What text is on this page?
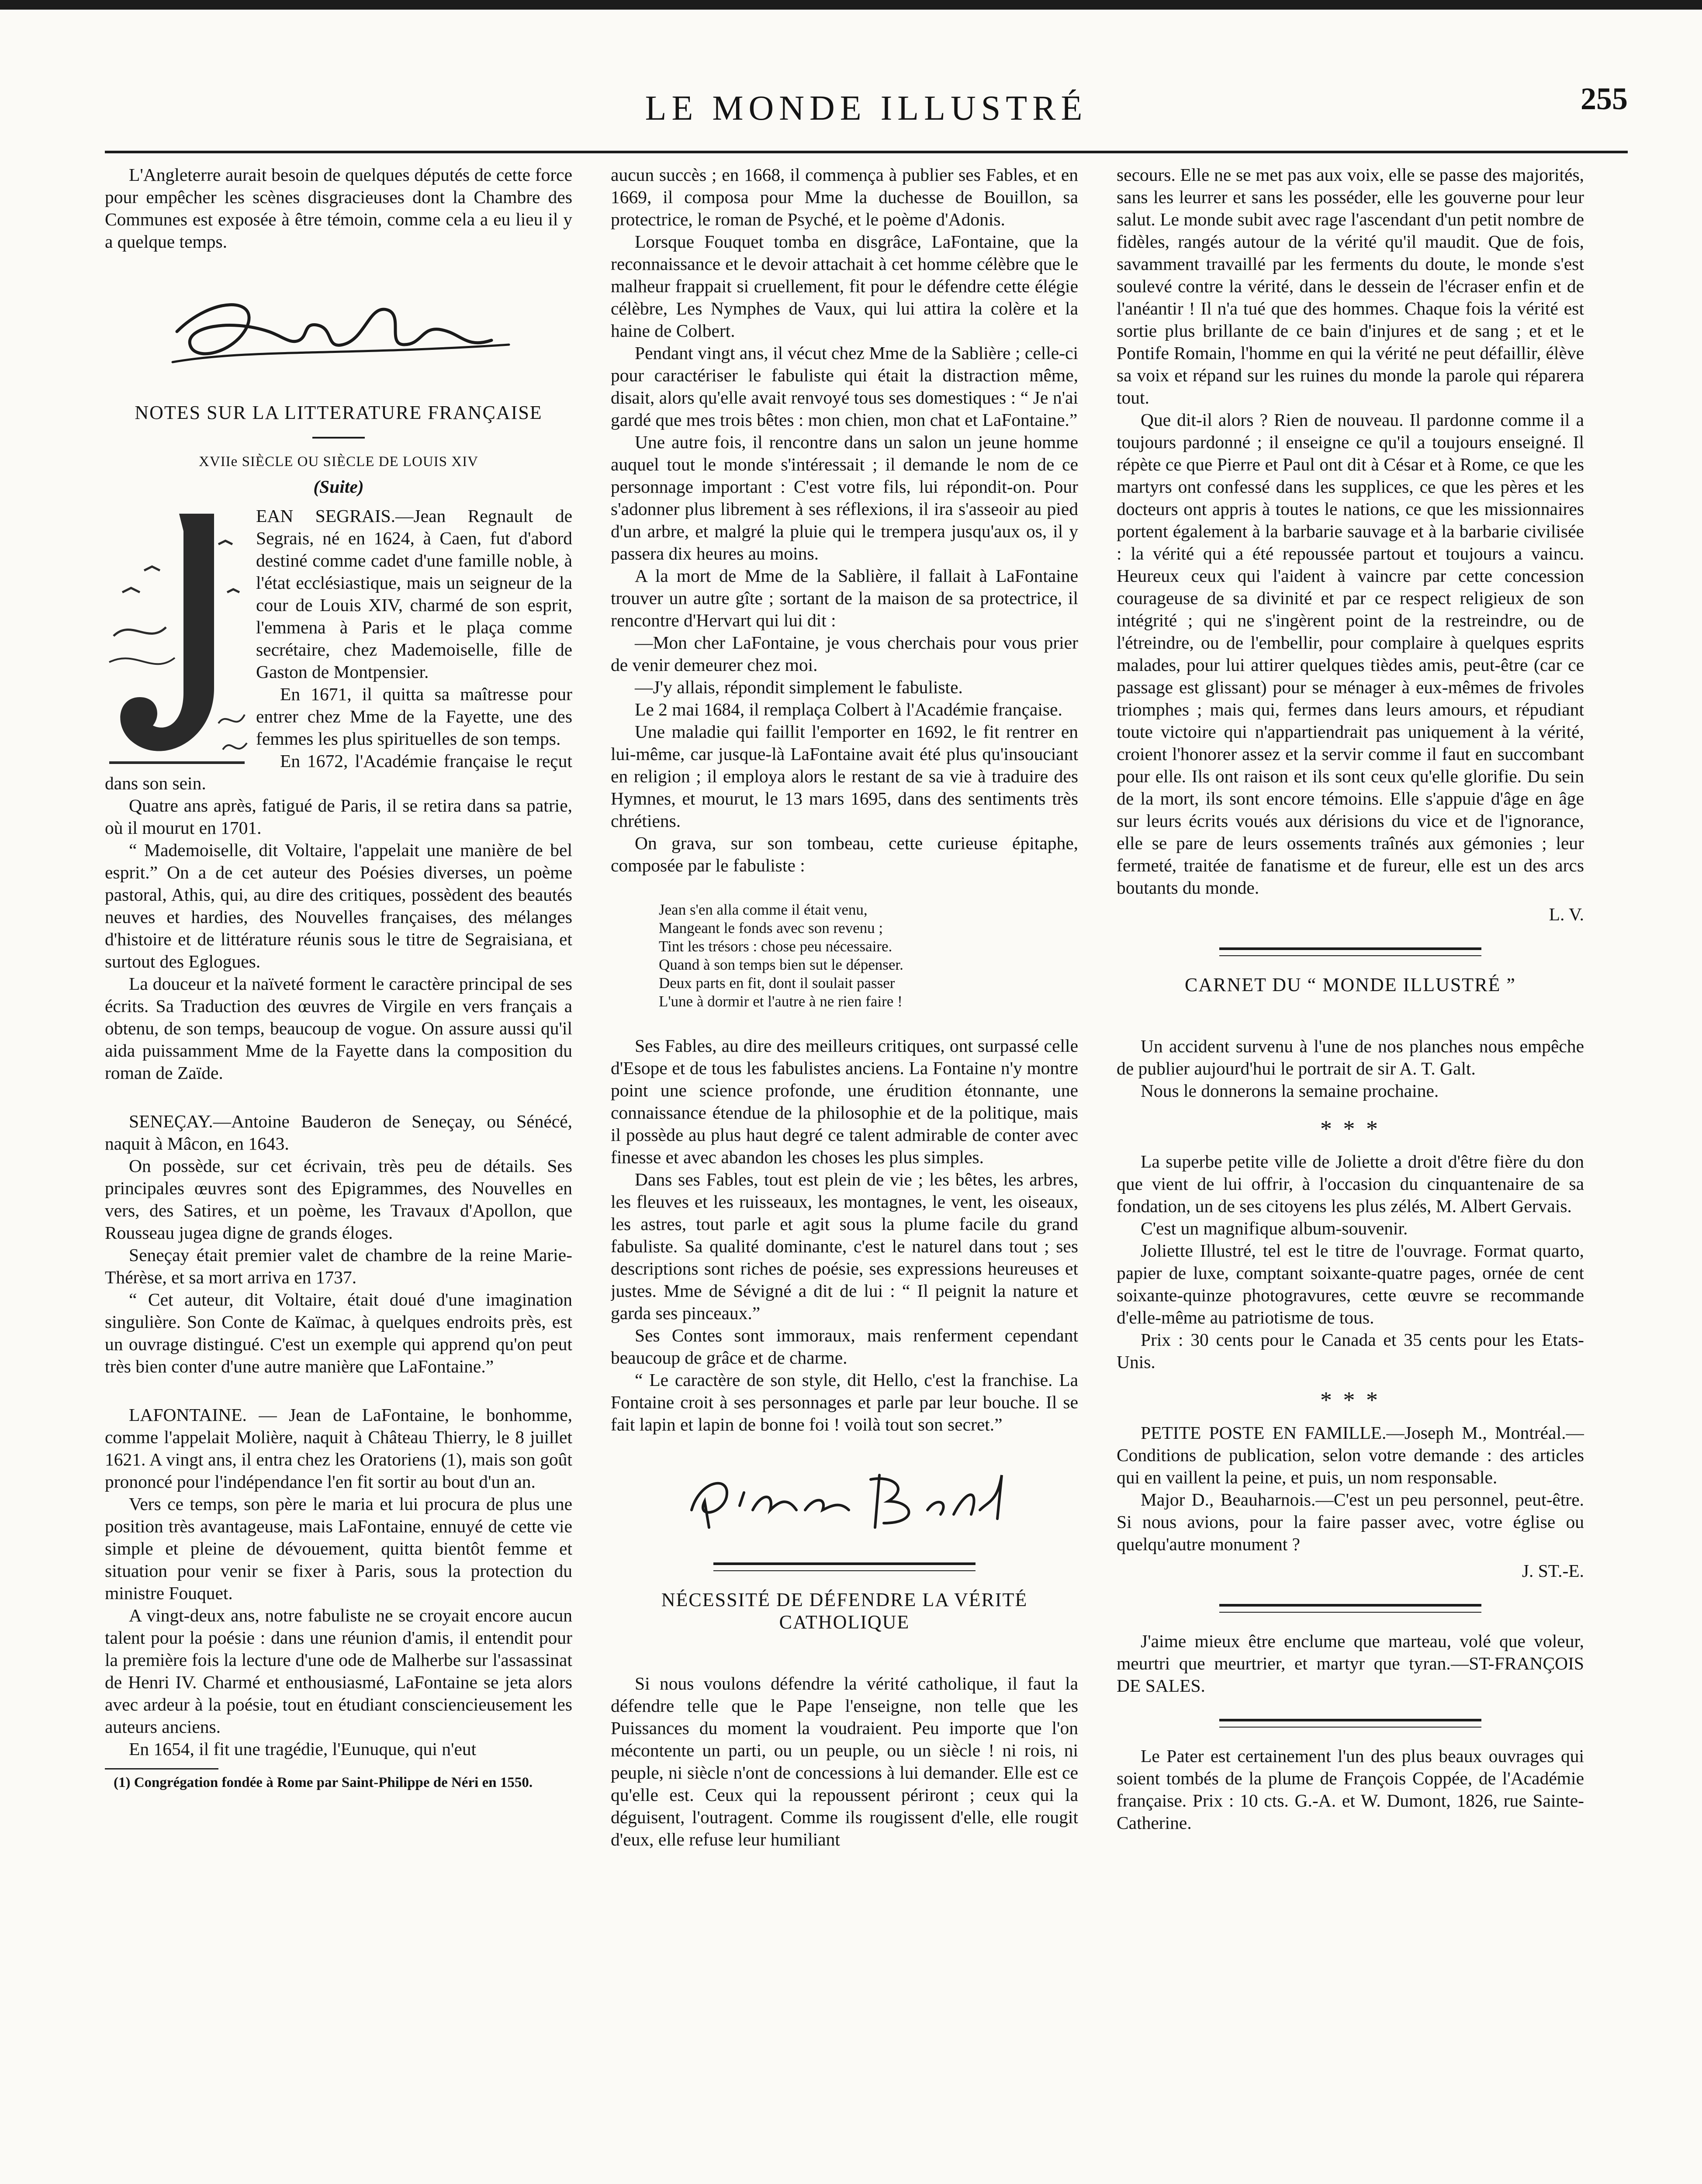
LE MONDE ILLUSTRÉ	255

L'Angleterre aurait besoin de quelques députés de cette force pour empêcher les scènes disgracieuses dont la Chambre des Communes est exposée à être témoin, comme cela a eu lieu il y a quelque temps.

NOTES SUR LA LITTERATURE FRANÇAISE
XVIIe SIÈCLE OU SIÈCLE DE LOUIS XIV
(Suite)

EAN SEGRAIS.—Jean Regnault de Segrais, né en 1624, à Caen, fut d'abord destiné comme cadet d'une famille noble, à l'état ecclésiastique, mais un seigneur de la cour de Louis XIV, charmé de son esprit, l'emmena à Paris et le plaça comme secrétaire, chez Mademoiselle, fille de Gaston de Montpensier.

En 1671, il quitta sa maîtresse pour entrer chez Mme de la Fayette, une des femmes les plus spirituelles de son temps.

En 1672, l'Académie française le reçut dans son sein.

Quatre ans après, fatigué de Paris, il se retira dans sa patrie, où il mourut en 1701.

“ Mademoiselle, dit Voltaire, l'appelait une manière de bel esprit.” On a de cet auteur des Poésies diverses, un poème pastoral, Athis, qui, au dire des critiques, possèdent des beautés neuves et hardies, des Nouvelles françaises, des mélanges d'histoire et de littérature réunis sous le titre de Segraisiana, et surtout des Eglogues.

La douceur et la naïveté forment le caractère principal de ses écrits. Sa Traduction des œuvres de Virgile en vers français a obtenu, de son temps, beaucoup de vogue. On assure aussi qu'il aida puissamment Mme de la Fayette dans la composition du roman de Zaïde.

SENEÇAY.—Antoine Bauderon de Seneçay, ou Sénécé, naquit à Mâcon, en 1643.

On possède, sur cet écrivain, très peu de détails. Ses principales œuvres sont des Epigrammes, des Nouvelles en vers, des Satires, et un poème, les Travaux d'Apollon, que Rousseau jugea digne de grands éloges.

Seneçay était premier valet de chambre de la reine Marie-Thérèse, et sa mort arriva en 1737.

“ Cet auteur, dit Voltaire, était doué d'une imagination singulière. Son Conte de Kaïmac, à quelques endroits près, est un ouvrage distingué. C'est un exemple qui apprend qu'on peut très bien conter d'une autre manière que LaFontaine.”

LAFONTAINE. — Jean de LaFontaine, le bonhomme, comme l'appelait Molière, naquit à Château Thierry, le 8 juillet 1621. A vingt ans, il entra chez les Oratoriens (1), mais son goût prononcé pour l'indépendance l'en fit sortir au bout d'un an.

Vers ce temps, son père le maria et lui procura de plus une position très avantageuse, mais LaFontaine, ennuyé de cette vie simple et pleine de dévouement, quitta bientôt femme et situation pour venir se fixer à Paris, sous la protection du ministre Fouquet.

A vingt-deux ans, notre fabuliste ne se croyait encore aucun talent pour la poésie : dans une réunion d'amis, il entendit pour la première fois la lecture d'une ode de Malherbe sur l'assassinat de Henri IV. Charmé et enthousiasmé, LaFontaine se jeta alors avec ardeur à la poésie, tout en étudiant consciencieusement les auteurs anciens.

En 1654, il fit une tragédie, l'Eunuque, qui n'eut

(1) Congrégation fondée à Rome par Saint-Philippe de Néri en 1550.

aucun succès ; en 1668, il commença à publier ses Fables, et en 1669, il composa pour Mme la duchesse de Bouillon, sa protectrice, le roman de Psyché, et le poème d'Adonis.

Lorsque Fouquet tomba en disgrâce, LaFontaine, que la reconnaissance et le devoir attachait à cet homme célèbre que le malheur frappait si cruellement, fit pour le défendre cette élégie célèbre, Les Nymphes de Vaux, qui lui attira la colère et la haine de Colbert.

Pendant vingt ans, il vécut chez Mme de la Sablière ; celle-ci pour caractériser le fabuliste qui était la distraction même, disait, alors qu'elle avait renvoyé tous ses domestiques : “ Je n'ai gardé que mes trois bêtes : mon chien, mon chat et LaFontaine.”

Une autre fois, il rencontre dans un salon un jeune homme auquel tout le monde s'intéressait ; il demande le nom de ce personnage important : C'est votre fils, lui répondit-on. Pour s'adonner plus librement à ses réflexions, il ira s'asseoir au pied d'un arbre, et malgré la pluie qui le trempera jusqu'aux os, il y passera dix heures au moins.

A la mort de Mme de la Sablière, il fallait à LaFontaine trouver un autre gîte ; sortant de la maison de sa protectrice, il rencontre d'Hervart qui lui dit :

—Mon cher LaFontaine, je vous cherchais pour vous prier de venir demeurer chez moi.

—J'y allais, répondit simplement le fabuliste.

Le 2 mai 1684, il remplaça Colbert à l'Académie française.

Une maladie qui faillit l'emporter en 1692, le fit rentrer en lui-même, car jusque-là LaFontaine avait été plus qu'insouciant en religion ; il employa alors le restant de sa vie à traduire des Hymnes, et mourut, le 13 mars 1695, dans des sentiments très chrétiens.

On grava, sur son tombeau, cette curieuse épitaphe, composée par le fabuliste :

Jean s'en alla comme il était venu,
Mangeant le fonds avec son revenu ;
Tint les trésors : chose peu nécessaire.
Quand à son temps bien sut le dépenser.
Deux parts en fit, dont il soulait passer
L'une à dormir et l'autre à ne rien faire !

Ses Fables, au dire des meilleurs critiques, ont surpassé celle d'Esope et de tous les fabulistes anciens. La Fontaine n'y montre point une science profonde, une érudition étonnante, une connaissance étendue de la philosophie et de la politique, mais il possède au plus haut degré ce talent admirable de conter avec finesse et avec abandon les choses les plus simples.

Dans ses Fables, tout est plein de vie ; les bêtes, les arbres, les fleuves et les ruisseaux, les montagnes, le vent, les oiseaux, les astres, tout parle et agit sous la plume facile du grand fabuliste. Sa qualité dominante, c'est le naturel dans tout ; ses descriptions sont riches de poésie, ses expressions heureuses et justes. Mme de Sévigné a dit de lui : “ Il peignit la nature et garda ses pinceaux.”

Ses Contes sont immoraux, mais renferment cependant beaucoup de grâce et de charme.

“ Le caractère de son style, dit Hello, c'est la franchise. La Fontaine croit à ses personnages et parle par leur bouche. Il se fait lapin et lapin de bonne foi ! voilà tout son secret.”

NÉCESSITÉ DE DÉFENDRE LA VÉRITÉ CATHOLIQUE

Si nous voulons défendre la vérité catholique, il faut la défendre telle que le Pape l'enseigne, non telle que les Puissances du moment la voudraient. Peu importe que l'on mécontente un parti, ou un peuple, ou un siècle ! ni rois, ni peuple, ni siècle n'ont de concessions à lui demander. Elle est ce qu'elle est. Ceux qui la repoussent périront ; ceux qui la déguisent, l'outragent. Comme ils rougissent d'elle, elle rougit d'eux, elle refuse leur humiliant

secours. Elle ne se met pas aux voix, elle se passe des majorités, sans les leurrer et sans les posséder, elle les gouverne pour leur salut. Le monde subit avec rage l'ascendant d'un petit nombre de fidèles, rangés autour de la vérité qu'il maudit. Que de fois, savamment travaillé par les ferments du doute, le monde s'est soulevé contre la vérité, dans le dessein de l'écraser enfin et de l'anéantir ! Il n'a tué que des hommes. Chaque fois la vérité est sortie plus brillante de ce bain d'injures et de sang ; et et le Pontife Romain, l'homme en qui la vérité ne peut défaillir, élève sa voix et répand sur les ruines du monde la parole qui réparera tout.

Que dit-il alors ? Rien de nouveau. Il pardonne comme il a toujours pardonné ; il enseigne ce qu'il a toujours enseigné. Il répète ce que Pierre et Paul ont dit à César et à Rome, ce que les martyrs ont confessé dans les supplices, ce que les pères et les docteurs ont appris à toutes le nations, ce que les missionnaires portent également à la barbarie sauvage et à la barbarie civilisée : la vérité qui a été repoussée partout et toujours a vaincu. Heureux ceux qui l'aident à vaincre par cette concession courageuse de sa divinité et par ce respect religieux de son intégrité ; qui ne s'ingèrent point de la restreindre, ou de l'étreindre, ou de l'embellir, pour complaire à quelques esprits malades, pour lui attirer quelques tièdes amis, peut-être (car ce passage est glissant) pour se ménager à eux-mêmes de frivoles triomphes ; mais qui, fermes dans leurs amours, et répudiant toute victoire qui n'appartiendrait pas uniquement à la vérité, croient l'honorer assez et la servir comme il faut en succombant pour elle. Ils ont raison et ils sont ceux qu'elle glorifie. Du sein de la mort, ils sont encore témoins. Elle s'appuie d'âge en âge sur leurs écrits voués aux dérisions du vice et de l'ignorance, elle se pare de leurs ossements traînés aux gémonies ; leur fermeté, traitée de fanatisme et de fureur, elle est un des arcs boutants du monde.

L. V.
CARNET DU “ MONDE ILLUSTRÉ ”

Un accident survenu à l'une de nos planches nous empêche de publier aujourd'hui le portrait de sir A. T. Galt.

Nous le donnerons la semaine prochaine.

* * *

La superbe petite ville de Joliette a droit d'être fière du don que vient de lui offrir, à l'occasion du cinquantenaire de sa fondation, un de ses citoyens les plus zélés, M. Albert Gervais.

C'est un magnifique album-souvenir.

Joliette Illustré, tel est le titre de l'ouvrage. Format quarto, papier de luxe, comptant soixante-quatre pages, ornée de cent soixante-quinze photogravures, cette œuvre se recommande d'elle-même au patriotisme de tous.

Prix : 30 cents pour le Canada et 35 cents pour les Etats-Unis.

* * *

PETITE POSTE EN FAMILLE.—Joseph M., Montréal.—Conditions de publication, selon votre demande : des articles qui en vaillent la peine, et puis, un nom responsable.

Major D., Beauharnois.—C'est un peu personnel, peut-être. Si nous avions, pour la faire passer avec, votre église ou quelqu'autre monument ?

J. ST.-E.

J'aime mieux être enclume que marteau, volé que voleur, meurtri que meurtrier, et martyr que tyran.—ST-FRANÇOIS DE SALES.

Le Pater est certainement l'un des plus beaux ouvrages qui soient tombés de la plume de François Coppée, de l'Académie française. Prix : 10 cts. G.-A. et W. Dumont, 1826, rue Sainte-Catherine.
